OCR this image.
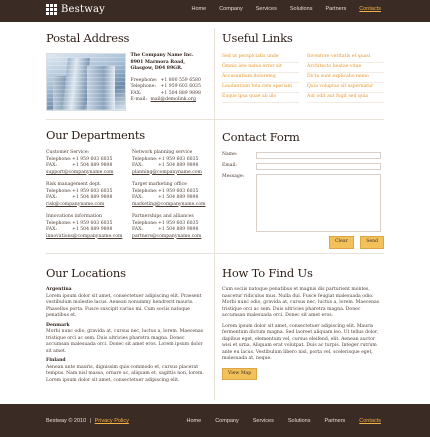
Bestway	Home Company Services Solutions Partners Contacts
Postal Address
The Company Name Inc.
8901 Marmora Road,
Glasgow, D04 89GR.
Freephone: +1 800 559 6580
Telephone: +1 959 603 6035
FAX:	+1 504 889 9898
E-mail: mail@demolink.org
Useful Links
Sed ut perspiciatis unde
Omnis iste natus error sit
Accusantium doloremq
Laudantium tota rem aperiam
Eaque ipsa quae ab illo
Inventore veritatis et quasi
Architecto beatae vitae
Dicta sunt explicabo nemo
Quia voluptas sit aspernatur
Aut odit aut fugit sed quia
Our Departments
Customer Service:
Telephone: +1 959 603 6035
FAX:	+1 504 889 9898
support@companyname.com
Network planning service
Telephone: +1 959 603 6035
FAX:	+1 504 889 9898
planning@companyname.com
Risk management dept.
Telephone: +1 959 603 6035
FAX:	+1 504 889 9898
risk@companyname.com
Target marketing office
Telephone: +1 959 603 6035
FAX:	+1 504 889 9898
marketing@companyname.com
Innovations information
Telephone: +1 959 603 6035
FAX:	+1 504 889 9898
innovations@companyname.com
Partnerships and alliances
Telephone: +1 959 603 6035
FAX:	+1 504 889 9898
partners@companyname.com
Contact Form
Name:
Email:
Message:
Clear	Send
Our Locations
Argentina
Lorem ipsum dolor sit amet, consectetuer adipiscing elit. Praesent vestibulum molestie lacus. Aenean nonummy hendrerit mauris. Phasellus porta. Fusce suscipit varius mi. Cum sociis natoque penatibus et.
Denmark
Morbi nunc odio, gravida at, cursus nec, luctus a, lorem. Maecenas tristique orci ac sem. Duis ultricies pharetra magna. Donec accumsan malesuada orci. Donec sit amet eros. Lorem ipsum dolor sit amet.
Finland
Aenean ante mauris, dignissim quis commodo et, cursus placerat tempus. Nam nisl massa, ornare ac, aliquam et, sagittis non, lorem. Lorem ipsum dolor sit amet, consectetuer adipiscing elit.
How To Find Us
Cum sociis natoque penatibus et magnis dis parturient montes, nascetur ridiculus mus. Nulla dui. Fusce feugiat malesuada odio. Morbi nunc odio, gravida at, cursus nec, luctus a, lorem. Maecenas tristique orci ac sem. Duis ultricies pharetra magna. Donec accumsan malesuada orci. Donec sit amet eros.
Lorem ipsum dolor sit amet, consectetuer adipiscing elit. Mauris fermentum dictum magna. Sed laoreet aliquam leo. Ut tellus dolor, dapibus eget, elementum vel, cursus eleifend, elit. Aenean auctor wisi et urna. Aliquam erat volutpat. Duis ac turpis. Integer rutrum ante eu lacus. Vestibulum libero nisl, porta vel, scelerisque eget, malesuada at, neque.
View Map
Bestway © 2010 | Privacy Policy	Home	Company	Services	Solutions	Partners	Contacts
